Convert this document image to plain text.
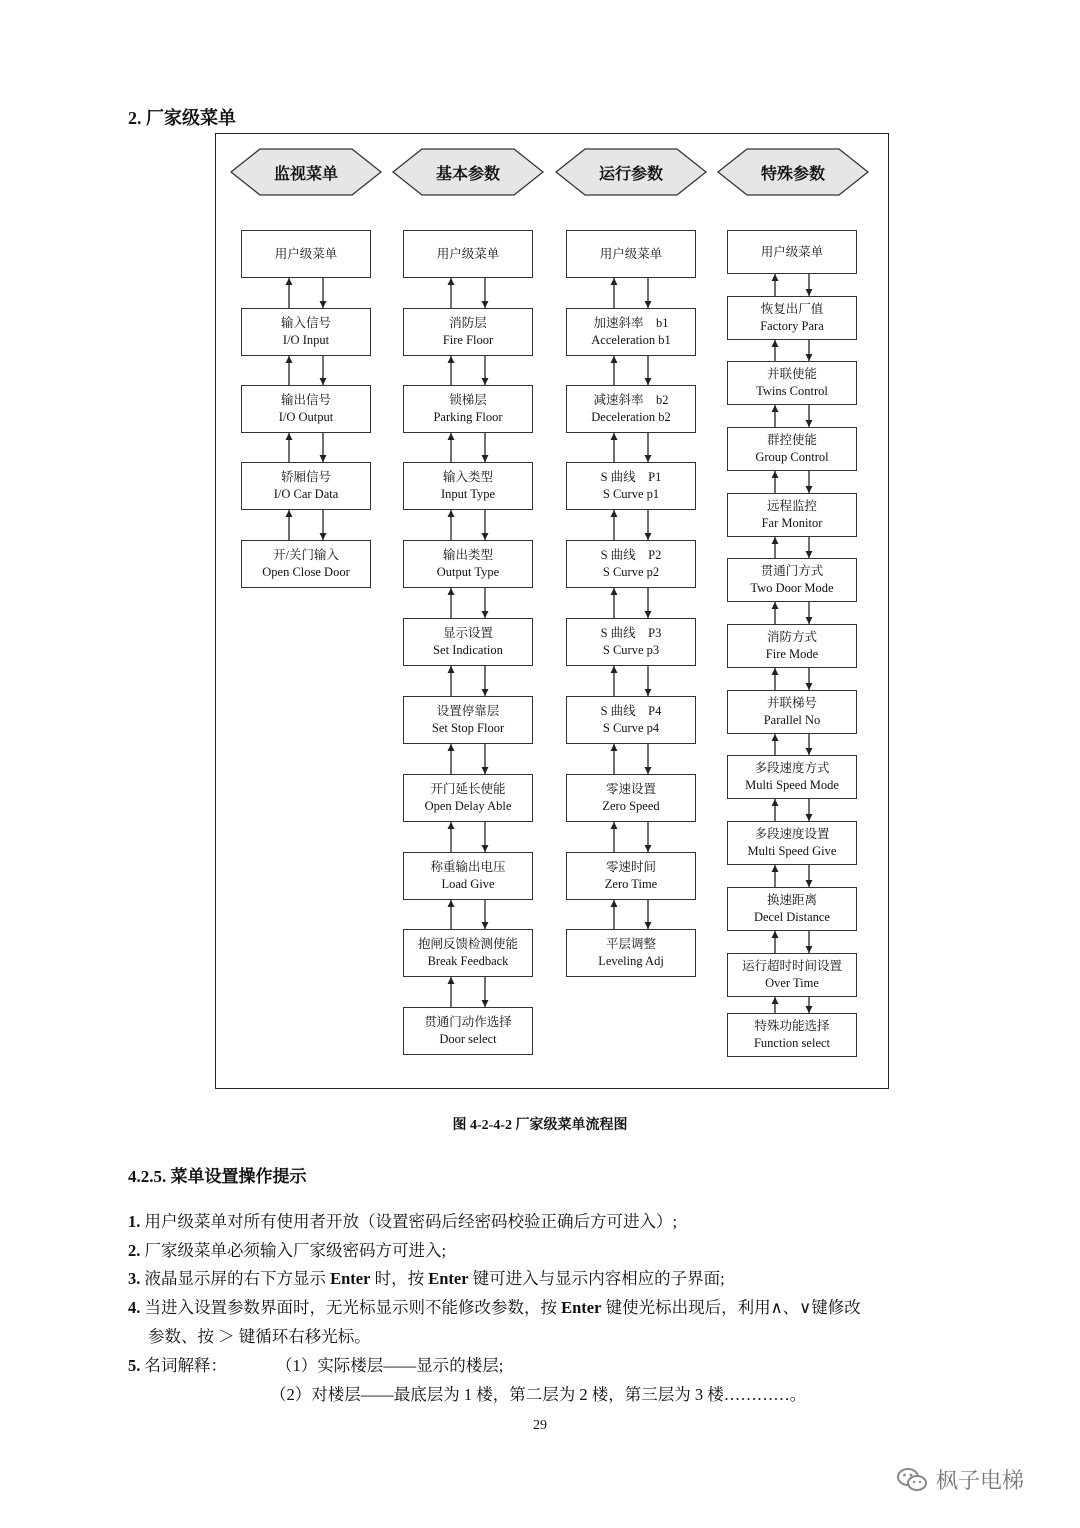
2. 厂家级菜单
监视菜单
用户级菜单
输入信号
I/O Input
输出信号
I/O Output
轿厢信号
I/O Car Data
开/关门输入
Open Close Door
基本参数
用户级菜单
消防层
Fire Floor
锁梯层
Parking Floor
输入类型
Input Type
输出类型
Output Type
显示设置
Set Indication
设置停靠层
Set Stop Floor
开门延长使能
Open Delay Able
称重输出电压
Load Give
抱闸反馈检测使能
Break Feedback
贯通门动作选择
Door select
运行参数
用户级菜单
加速斜率　b1
Acceleration b1
减速斜率　b2
Deceleration b2
S 曲线　P1
S Curve p1
S 曲线　P2
S Curve p2
S 曲线　P3
S Curve p3
S 曲线　P4
S Curve p4
零速设置
Zero Speed
零速时间
Zero Time
平层调整
Leveling Adj
特殊参数
用户级菜单
恢复出厂值
Factory Para
并联使能
Twins Control
群控使能
Group Control
远程监控
Far Monitor
贯通门方式
Two Door Mode
消防方式
Fire Mode
并联梯号
Parallel No
多段速度方式
Multi Speed Mode
多段速度设置
Multi Speed Give
换速距离
Decel Distance
运行超时时间设置
Over Time
特殊功能选择
Function select
图 4-2-4-2 厂家级菜单流程图
4.2.5. 菜单设置操作提示
1. 用户级菜单对所有使用者开放（设置密码后经密码校验正确后方可进入）;
2. 厂家级菜单必须输入厂家级密码方可进入;
3. 液晶显示屏的右下方显示 Enter 时，按 Enter 键可进入与显示内容相应的子界面;
4. 当进入设置参数界面时，无光标显示则不能修改参数，按 Enter 键使光标出现后，利用∧、∨键修改
参数、按 ＞ 键循环右移光标。
5. 名词解释：	（1）实际楼层——显示的楼层;
（2）对楼层——最底层为 1 楼，第二层为 2 楼，第三层为 3 楼…………。
29
枫子电梯
